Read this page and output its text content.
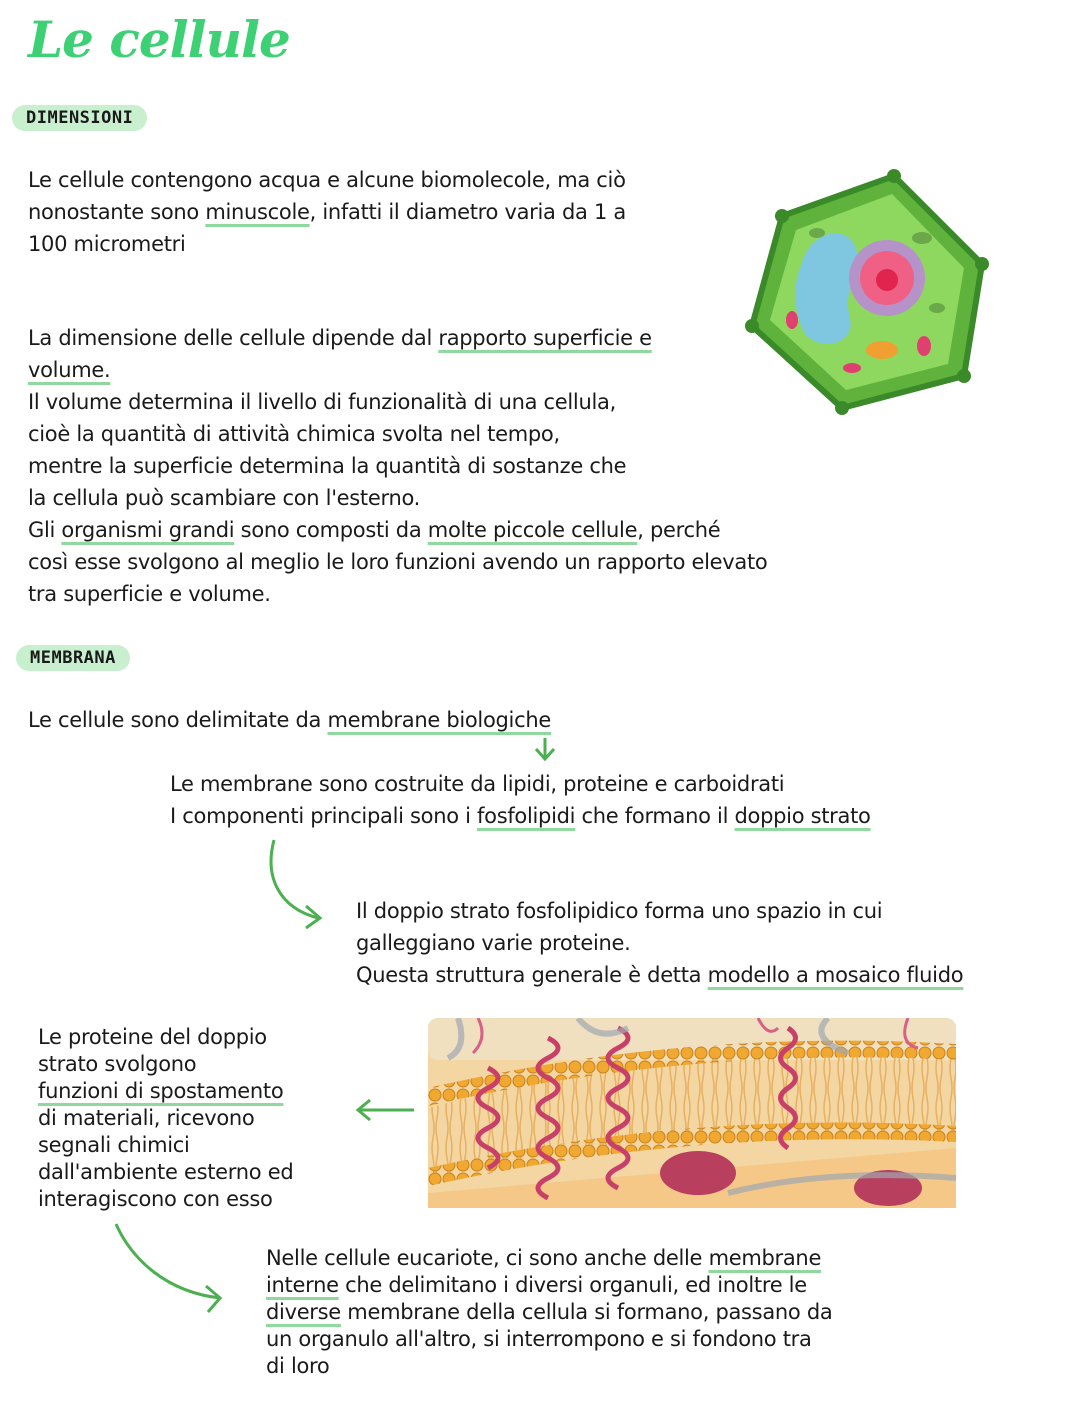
Le cellule
DIMENSIONI
Le cellule contengono acqua e alcune biomolecole, ma ciò
nonostante sono minuscole, infatti il diametro varia da 1 a
100 micrometri
La dimensione delle cellule dipende dal rapporto superficie e
volume.
Il volume determina il livello di funzionalità di una cellula,
cioè la quantità di attività chimica svolta nel tempo,
mentre la superficie determina la quantità di sostanze che
la cellula può scambiare con l'esterno.
Gli organismi grandi sono composti da molte piccole cellule, perché
così esse svolgono al meglio le loro funzioni avendo un rapporto elevato
tra superficie e volume.
MEMBRANA
Le cellule sono delimitate da membrane biologiche
Le membrane sono costruite da lipidi, proteine e carboidrati
I componenti principali sono i fosfolipidi che formano il doppio strato
Il doppio strato fosfolipidico forma uno spazio in cui
galleggiano varie proteine.
Questa struttura generale è detta modello a mosaico fluido
Le proteine del doppio
strato svolgono
funzioni di spostamento
di materiali, ricevono
segnali chimici
dall'ambiente esterno ed
interagiscono con esso
Nelle cellule eucariote, ci sono anche delle membrane
interne che delimitano i diversi organuli, ed inoltre le
diverse membrane della cellula si formano, passano da
un organulo all'altro, si interrompono e si fondono tra
di loro
